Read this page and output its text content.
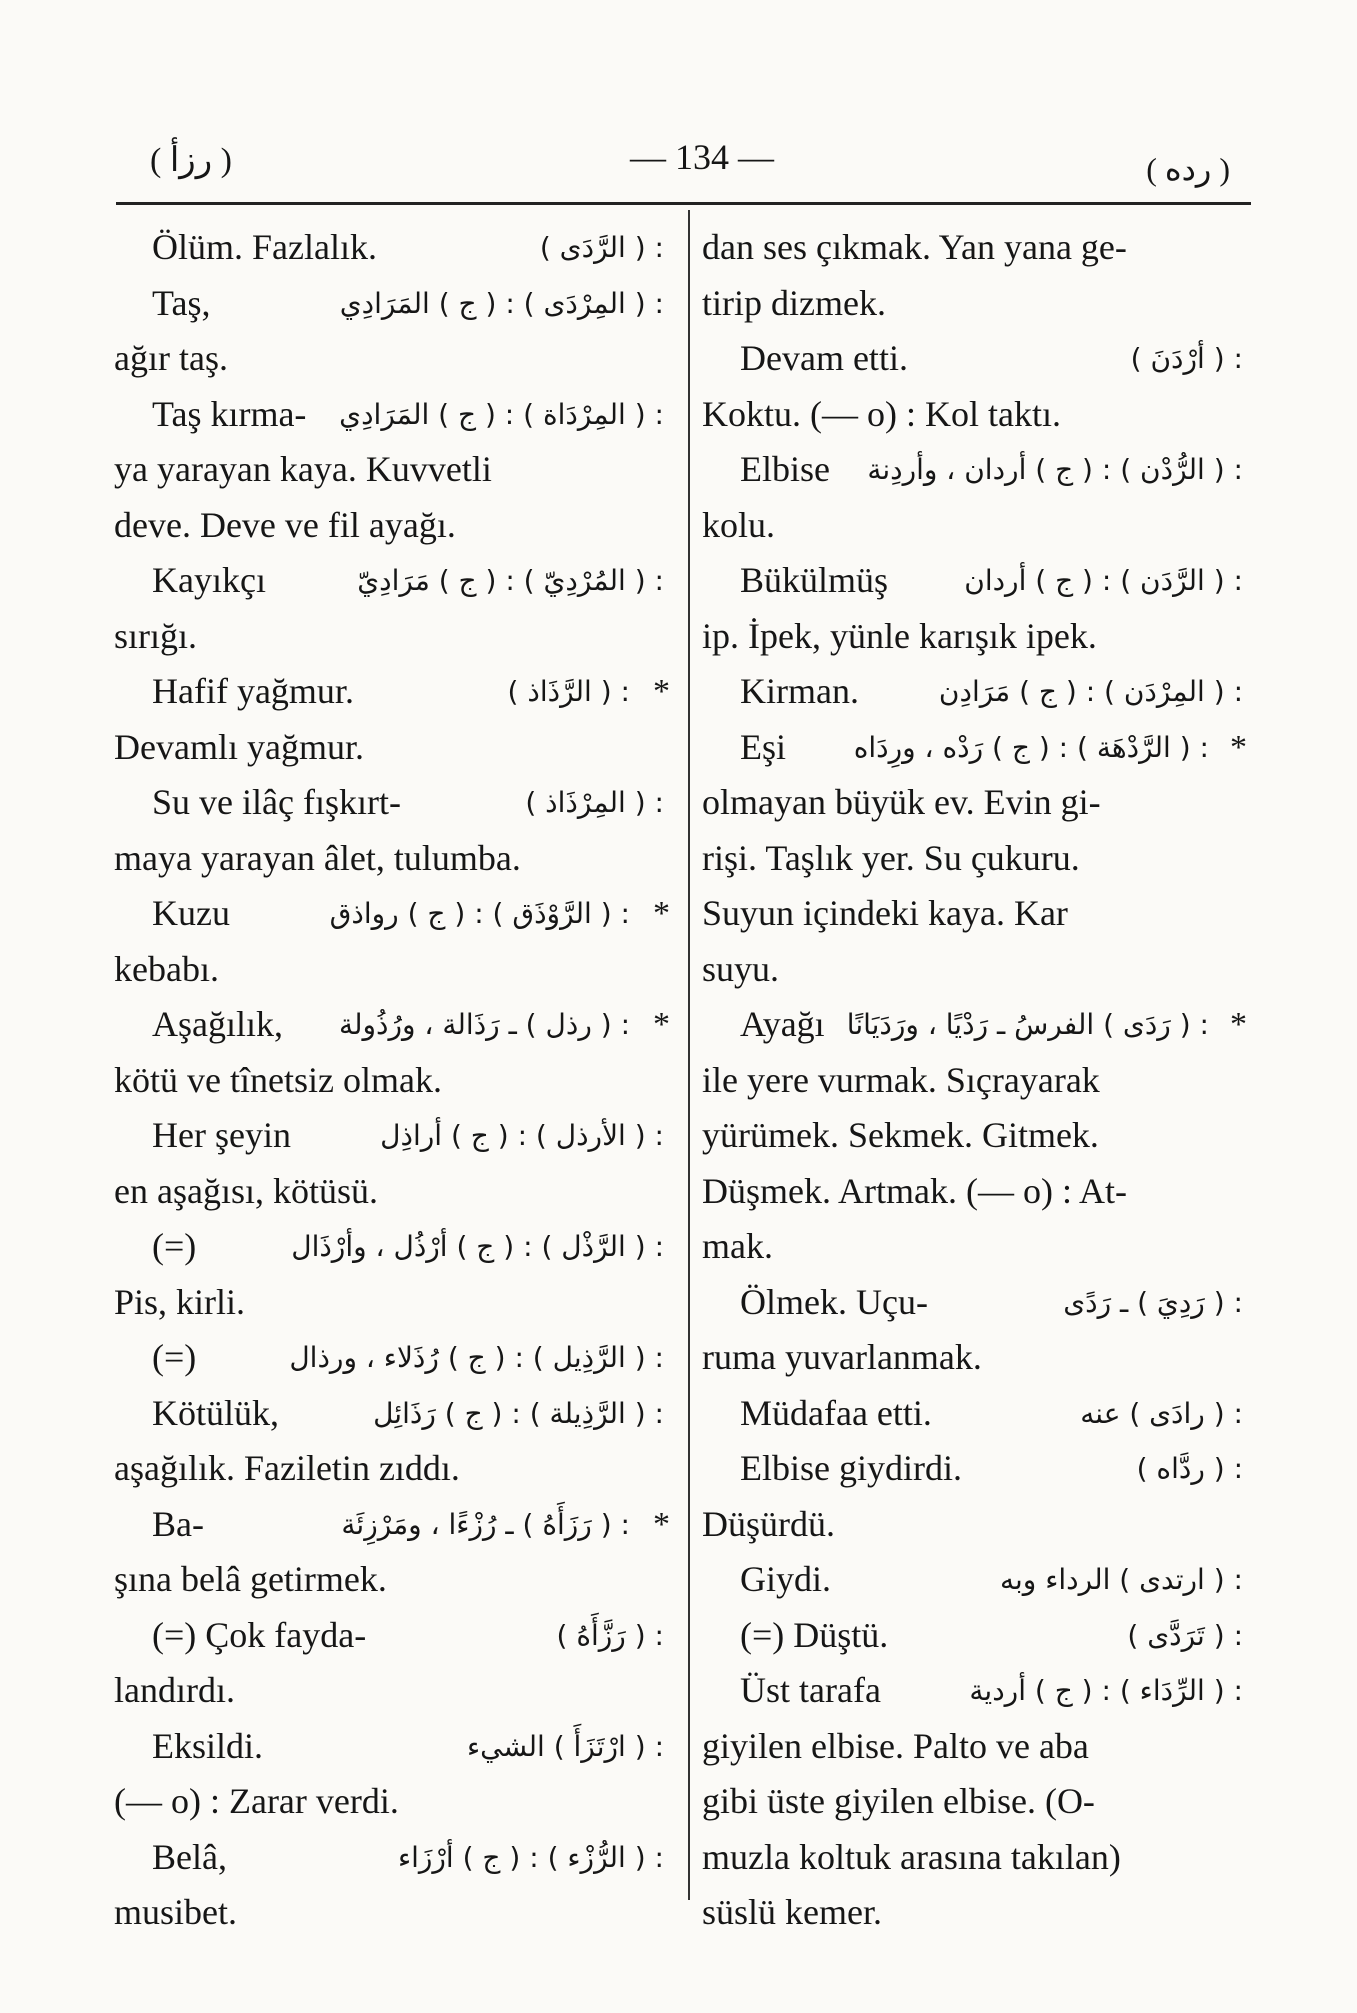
( رزأ )	— 134 —	( رده )
Ölüm. Fazlalık.	: ( الرَّدَى )
Taş,	: ( المِرْدَى ) : ( ج ) المَرَادِي
ağır taş.
Taş kırma- : ( المِرْدَاة ) : ( ج ) المَرَادِي
ya yarayan kaya. Kuvvetli
deve. Deve ve fil ayağı.
Kayıkçı	: ( المُرْدِيّ ) : ( ج ) مَرَادِيّ
sırığı.
Hafif yağmur.	: ( الرَّذَاذ ) *
Devamlı yağmur.
Su ve ilâç fışkırt-	: ( المِرْذَاذ )
maya yarayan âlet, tulumba.
Kuzu	: ( الرَّوْذَق ) : ( ج ) رواذق *
kebabı.
Aşağılık, : ( رذل ) ـ رَذَالة ، ورُذُولة *
kötü ve tînetsiz olmak.
Her şeyin	: ( الأرذل ) : ( ج ) أراذِل
en aşağısı, kötüsü.
(=)	: ( الرَّذْل ) : ( ج ) أرْذُل ، وأرْذَال
Pis, kirli.
(=)	: ( الرَّذِيل ) : ( ج ) رُذَلاء ، ورذال
Kötülük,	: ( الرَّذِيلة ) : ( ج ) رَذَائِل
aşağılık. Faziletin zıddı.
Ba-	: ( رَزَأَهُ ) ـ رُزْءًا ، ومَرْزِئَة *
şına belâ getirmek.
(=) Çok fayda-	: ( رَزَّأَهُ )
landırdı.
Eksildi.	: ( ارْتَزَأَ ) الشيء
(— o) : Zarar verdi.
Belâ,	: ( الرُّزْء ) : ( ج ) أرْزَاء
musibet.
dan ses çıkmak. Yan yana ge-
tirip dizmek.
Devam etti.	: ( أرْدَنَ )
Koktu. (— o) : Kol taktı.
Elbise : ( الرُّدْن ) : ( ج ) أردان ، وأردِنة
kolu.
Bükülmüş	: ( الرَّدَن ) : ( ج ) أردان
ip. İpek, yünle karışık ipek.
Kirman.	: ( المِرْدَن ) : ( ج ) مَرَادِن
Eşi : ( الرَّدْهَة ) : ( ج ) رَدْه ، ورِدَاه *
olmayan büyük ev. Evin gi-
rişi. Taşlık yer. Su çukuru.
Suyun içindeki kaya. Kar
suyu.
Ayağı : ( رَدَى ) الفرسُ ـ رَدْيًا ، ورَدَيَانًا *
ile yere vurmak. Sıçrayarak
yürümek. Sekmek. Gitmek.
Düşmek. Artmak. (— o) : At-
mak.
Ölmek. Uçu-	: ( رَدِيَ ) ـ رَدًى
ruma yuvarlanmak.
Müdafaa etti.	: ( رادَى ) عنه
Elbise giydirdi.	: ( ردَّاه )
Düşürdü.
Giydi.	: ( ارتدى ) الرداء وبه
(=) Düştü.	: ( تَرَدَّى )
Üst tarafa	: ( الرِّدَاء ) : ( ج ) أردية
giyilen elbise. Palto ve aba
gibi üste giyilen elbise. (O-
muzla koltuk arasına takılan)
süslü kemer.
